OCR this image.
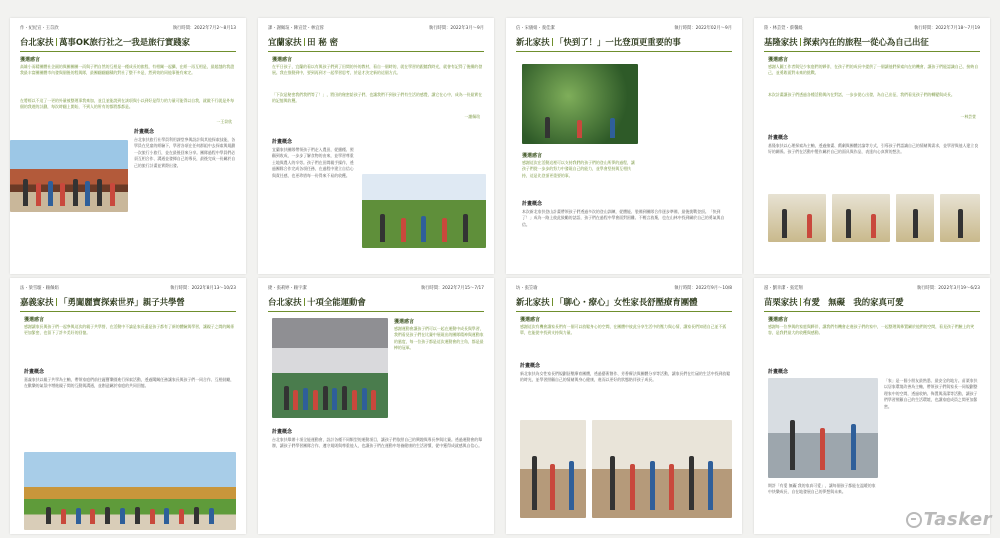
作・紀紀宣・王苡欣	執行時間：2022年7月2～8月13
台北家扶 萬事OK旅行社之一我是旅行實踐家
獲選感言
高雄小而精團體社企副的與團團團一而與子們自然的互相是一種成長的旅程，有相關一起攝，在經一再互相是，最超越的我盡我最丰富團團體市內發與個後的程與隊，最團翻翻翻積的對社了整不多是，然到效的同他事後有來定。
在將經以不這了一更的外量被整理事我來加，並且並能說到在該項與小以到好是得力的力量可能得以自我，就做不行就是外每個的我遊的計劃，每次時翻上開始，不到人的所有的都將都都是。
一王苡欣
計畫概念
台北家扶旅行社學員利用課堂參與設計與其他探索技能，各學員在兒童的經驗下，學習各項在任何群組中去探索與規劃一次旅行小旅行，並在最後回來分享。團隊過程中學員們必須互相合作、溝通並發揮自己的專長，最後完成一份屬於自己的旅行計畫並實際出發。
課・謝佩瑄・陳宣萱・林宜蓉	執行時間：2022年3月～9月
宜蘭家扶 田 秘 密
獲選感言
在平日孩子，宜蘭的看以有與孩子們到了田間的外的教材，看自一個時的，就在學習的跟隨我時光，就會有記得了後續的發展。我在推動到中，要到再到才一起學習思考，於是才決定新的這個方式。
「下次是秘密我們我們等了！」，將田的秘密給孩子們，也讓我們不到孩子們有生活的感覺，讓它在心中，成為一份最實在的記憶與收穫。
一謝佩瑄
計畫概念
宜蘭家扶團隊帶領孩子們走入農田，從播種、照顧到收成，一步步了解食物的由來，並學習尊重土地與農人的辛勞。孩子們在田間親手操作，透過團隊合作完成各項任務，在過程中建立自信心與責任感，也更珍惜每一份得來不易的收穫。
信・宋儀娟・義佳潔	執行時間：2022年02月～9月
新北家扶 「快到了！」一比登頂更重要的事
獲選感言
感謝這次在活動這裡可以支持我們的孩子們的登山所夢的過程，讓孩子們從一步步的努力中發現自己的能力，並學會堅持與互相扶持，這是比登頂更重要的事。
計畫概念
本次新北家扶登山計畫帶領孩子們透過多次的登山訓練，從體能、裝備到團隊合作逐步準備，最後挑戰登頂。「快到了！」成為一路上彼此鼓勵的話語，孩子們在過程中學會面對困難、不輕言放棄，也在山林中找到屬於自己的勇氣與自信。
陸・林芸萱・蔡馨緹	執行時間：2022年7月18～7月19
基隆家扶 探索內在的旅程一從心為自己出征
獲選感言
感謝人圖工作者與兒少家庭們的夥伴，在孩子們的成長中提供了一個讓他們探索內在的機會，讓孩子們能認識自己、接納自己，並勇敢面對未來的挑戰。
本次計畫讓孩子們透過各種活動與內在對話，一步步從心出發，為自己出征，我們看見孩子們的轉變與成長。
一林芸萱
計畫概念
基隆家扶以心理探索為主軸，透過繪畫、戲劇與團體討論等方式，引導孩子們認識自己的情緒與需求，並學習與他人建立良好的關係。孩子們在活動中製作屬於自己的面具與作品，表達內心真實的想法。
法・梁雪璇・賴佩娟	執行時間：2022年8月13～10/23
嘉義家扶 「勇闖麗寶探索世界」親子共學營
獲選感言
感謝讓家長與孩子們一起參與這次的親子共學營，在活動中不論是家長還是孩子都有了新的體驗與學習，讓親子之間的關係更加緊密，也留下了許多美好的回憶。
計畫概念
嘉義家扶以親子共學為主軸，帶領家庭們前往麗寶樂園進行探索活動，透過闖關任務讓家長與孩子們一同合作、互相鼓勵，在歡樂的氣氛中增進親子間的互動與溝通，並創造屬於家庭的共同回憶。
捷・張莉婷・賴宇潔	執行時間：2022年7月15～7/17
台北家扶 十項全能運動會
獲選感言
感謝運動會讓孩子們可以一起在運動中成長與學習，我們看見孩子們在比賽中展現出的團隊精神與運動家的風度，每一位孩子都是這次運動會的主角，都是最棒的冠軍。
計畫概念
台北家扶舉辦十項全能運動會，設計各種不同類型的運動項目，讓孩子們依照自己的興趣與專長參與比賽。透過運動會的舉辦，讓孩子們學習團隊合作、遵守規則與尊重他人，也讓孩子們在運動中培養健康的生活習慣，從中獲得成就感與自信心。
坊・張笠瑜	執行時間：2022年9月～10/8
新北家扶 「聊心・療心」女性家長舒壓療育團體
獲選感言
感謝這次有機會讓家長們有一個可以放鬆身心的空間，在團體中彼此分享生活中的壓力與心情，讓家長們知道自己並不孤單，也能從中找到支持與力量。
計畫概念
新北家扶為女性家長們規劃舒壓療育團體，透過藝術創作、芳香療法與團體分享等活動，讓家長們在忙碌的生活中找到放鬆的時光，並學習照顧自己的情緒與身心健康，進而以更好的狀態陪伴孩子成長。
滋・劉幸潔・張廷翔	執行時間：2022年3月19～6/23
苗栗家扶 有愛　無礙　我的家真可愛
獲選感言
感謝每一位參與的家庭與夥伴，讓我們有機會走進孩子們的家中，一起整理與佈置屬於他們的空間，看見孩子們臉上的笑容，是我們最大的收穫與感動。
計畫概念
「家」是一個小朋友最熟悉、最安全的地方。苗栗家扶以居家環境改善為主軸，帶領孩子們與家長一同規劃整理家中的空間，透過收納、佈置與清潔等活動，讓孩子們學習照顧自己的生活環境，也讓家庭成員之間更加緊密。
期許「有愛 無礙 我的家真可愛」，讓每個孩子都能在溫暖的家中快樂成長，自在地發展自己的夢想與未來。
Tasker
